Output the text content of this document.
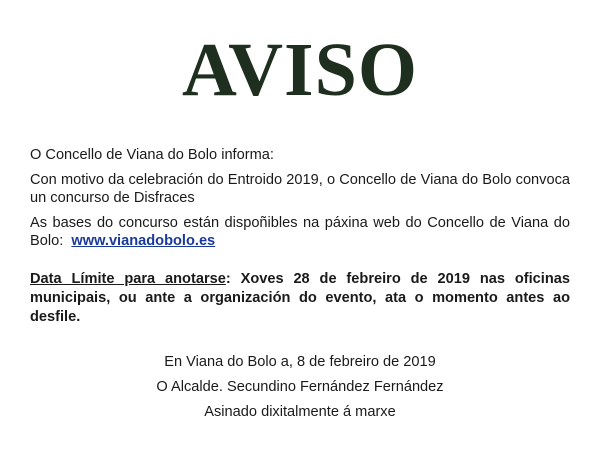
AVISO

O Concello de Viana do Bolo informa:

Con motivo da celebración do Entroido 2019, o Concello de Viana do Bolo convoca un concurso de Disfraces

As bases do concurso están dispoñibles na páxina web do Concello de Viana do Bolo: www.vianadobolo.es

Data Límite para anotarse: Xoves 28 de febreiro de 2019 nas oficinas municipais, ou ante a organización do evento, ata o momento antes ao desfile.

En Viana do Bolo a, 8 de febreiro de 2019

O Alcalde. Secundino Fernández Fernández

Asinado dixitalmente á marxe
